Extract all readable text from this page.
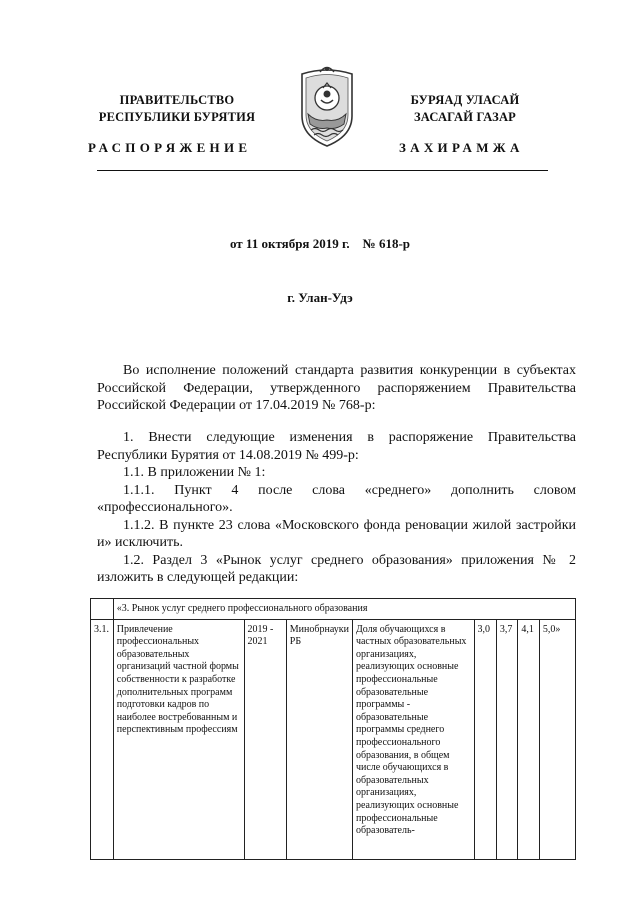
ПРАВИТЕЛЬСТВО
РЕСПУБЛИКИ БУРЯТИЯ
БУРЯАД УЛАСАЙ
ЗАСАГАЙ ГАЗАР
РАСПОРЯЖЕНИЕ	ЗАХИРАМЖА
от 11 октября 2019 г. № 618-р
г. Улан-Удэ

Во исполнение положений стандарта развития конкуренции в субъектах Российской Федерации, утвержденного распоряжением Правительства Российской Федерации от 17.04.2019 № 768-р:

1. Внести следующие изменения в распоряжение Правительства Республики Бурятия от 14.08.2019 № 499-р:

1.1. В приложении № 1:

1.1.1. Пункт 4 после слова «среднего» дополнить словом «профессионального».

1.1.2. В пункте 23 слова «Московского фонда реновации жилой застройки и» исключить.

1.2. Раздел 3 «Рынок услуг среднего образования» приложения № 2 изложить в следующей редакции:

	«3. Рынок услуг среднего профессионального образования							
3.1.	Привлечение профессиональных образовательных организаций частной формы собственности к разработке дополнительных программ подготовки кадров по наиболее востребованным и перспективным профессиям	2019 - 2021	Минобрнауки РБ	Доля обучающихся в частных образовательных организациях, реализующих основные профессиональные образовательные программы - образовательные программы среднего профессионального образования, в общем числе обучающихся в образовательных организациях, реализующих основные профессиональные образователь-	3,0	3,7	4,1	5,0»
